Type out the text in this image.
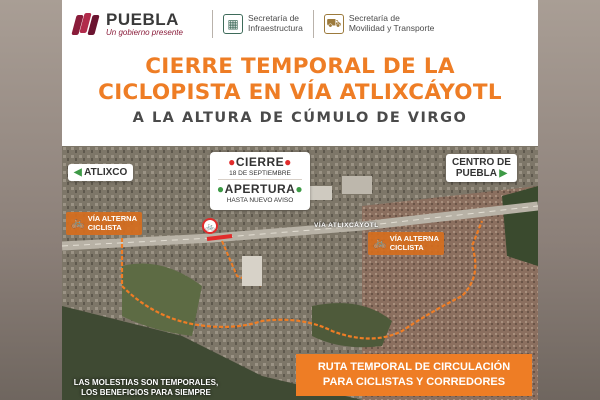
PUEBLA
Un gobierno presente
▦	Secretaría de
Infraestructura ⛟ Secretaría de
Movilidad y Transporte
CIERRE TEMPORAL DE LA
CICLOPISTA EN VÍA ATLIXCÁYOTL
A LA ALTURA DE CÚMULO DE VIRGO
◀ ATLIXCO
CENTRO DE
PUEBLA ▶
●CIERRE●
18 DE SEPTIEMBRE
●APERTURA●
HASTA NUEVO AVISO
🚲 VÍA ALTERNA
CICLISTA
🚲 VÍA ALTERNA
CICLISTA
VÍA ATLIXCÁYOTL
🚲
RUTA TEMPORAL DE CIRCULACIÓN
PARA CICLISTAS Y CORREDORES
LAS MOLESTIAS SON TEMPORALES,
LOS BENEFICIOS PARA SIEMPRE
